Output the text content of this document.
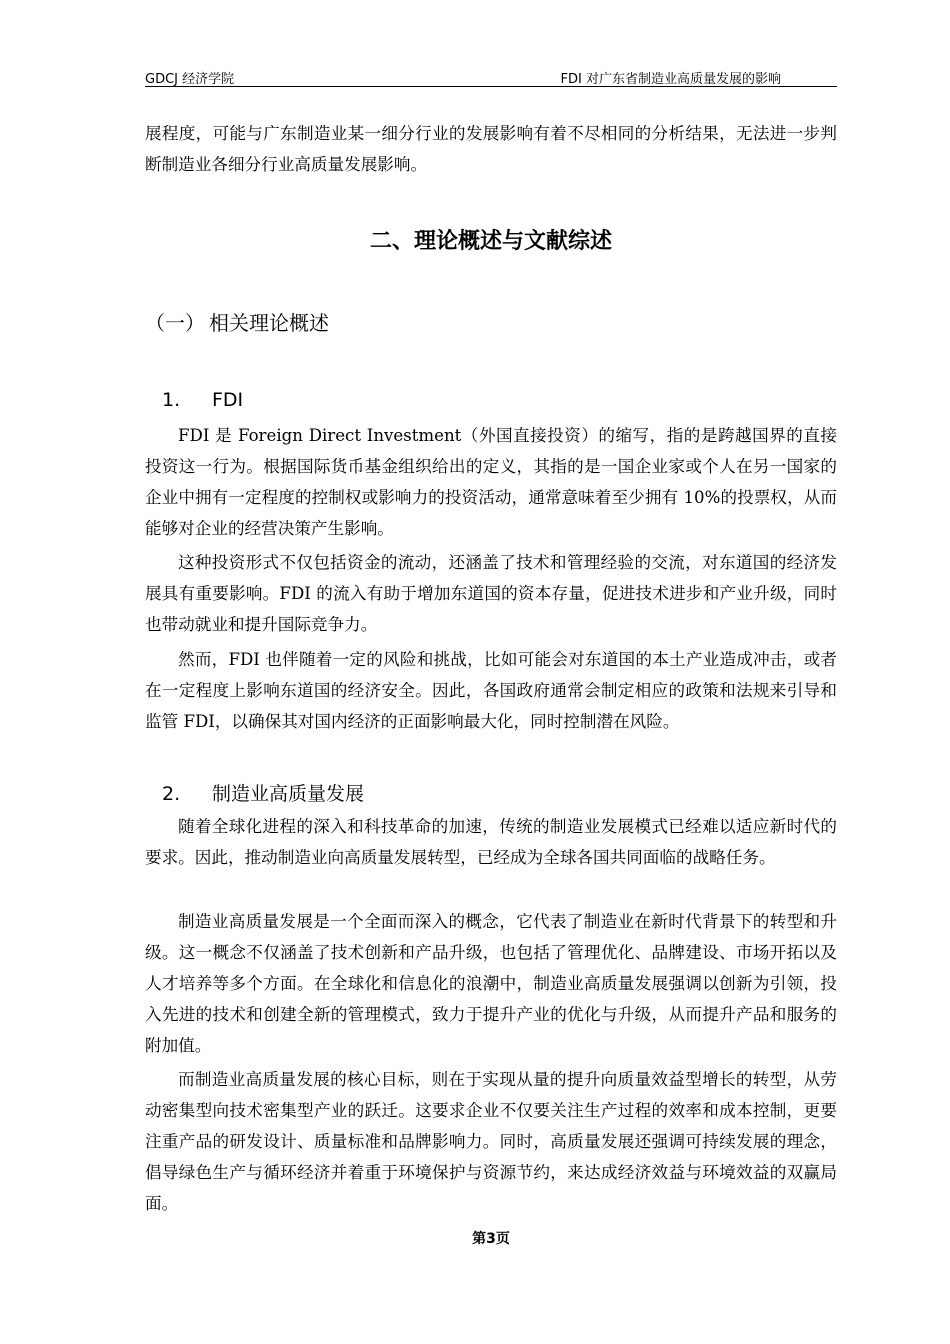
GDCJ 经济学院	FDI 对广东省制造业高质量发展的影响

展程度，可能与广东制造业某一细分行业的发展影响有着不尽相同的分析结果，无法进一步判断制造业各细分行业高质量发展影响。

二、理论概述与文献综述
（一） 相关理论概述
1. FDI

FDI 是 Foreign Direct Investment（外国直接投资）的缩写，指的是跨越国界的直接投资这一行为。根据国际货币基金组织给出的定义，其指的是一国企业家或个人在另一国家的企业中拥有一定程度的控制权或影响力的投资活动，通常意味着至少拥有 10%的投票权，从而能够对企业的经营决策产生影响。

这种投资形式不仅包括资金的流动，还涵盖了技术和管理经验的交流，对东道国的经济发展具有重要影响。FDI 的流入有助于增加东道国的资本存量，促进技术进步和产业升级，同时也带动就业和提升国际竞争力。

然而，FDI 也伴随着一定的风险和挑战，比如可能会对东道国的本土产业造成冲击，或者在一定程度上影响东道国的经济安全。因此，各国政府通常会制定相应的政策和法规来引导和监管 FDI，以确保其对国内经济的正面影响最大化，同时控制潜在风险。

2. 制造业高质量发展

随着全球化进程的深入和科技革命的加速，传统的制造业发展模式已经难以适应新时代的要求。因此，推动制造业向高质量发展转型，已经成为全球各国共同面临的战略任务。

制造业高质量发展是一个全面而深入的概念，它代表了制造业在新时代背景下的转型和升级。这一概念不仅涵盖了技术创新和产品升级，也包括了管理优化、品牌建设、市场开拓以及人才培养等多个方面。在全球化和信息化的浪潮中，制造业高质量发展强调以创新为引领，投入先进的技术和创建全新的管理模式，致力于提升产业的优化与升级，从而提升产品和服务的附加值。

而制造业高质量发展的核心目标，则在于实现从量的提升向质量效益型增长的转型，从劳动密集型向技术密集型产业的跃迁。这要求企业不仅要关注生产过程的效率和成本控制，更要注重产品的研发设计、质量标准和品牌影响力。同时，高质量发展还强调可持续发展的理念，倡导绿色生产与循环经济并着重于环境保护与资源节约，来达成经济效益与环境效益的双赢局面。

第3页
